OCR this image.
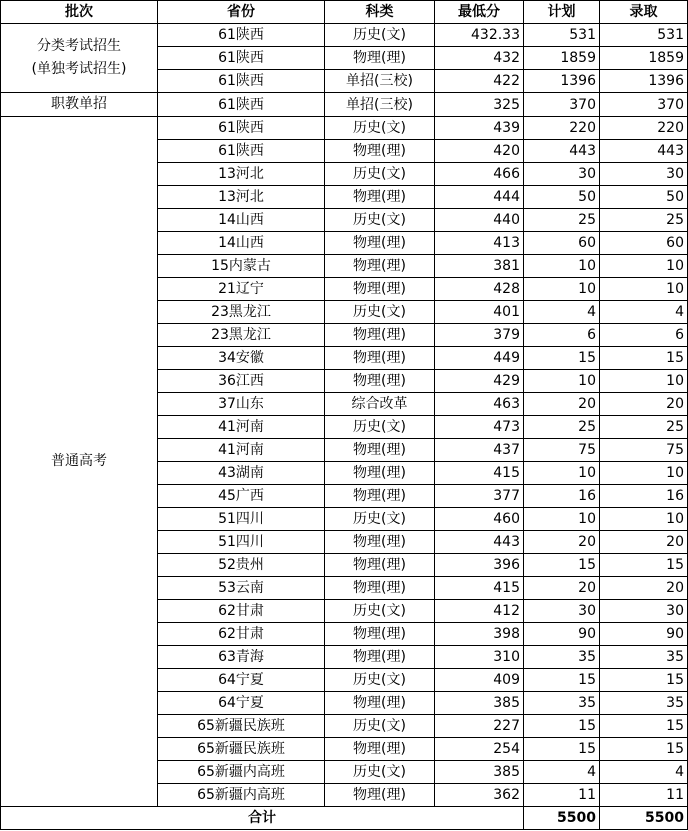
批次	省份	科类	最低分	计划	录取

分类考试招生
(单独考试招生)	61陕西	历史(文)	432.33	531	531
	61陕西	物理(理)	432	1859	1859
	61陕西	单招(三校)	422	1396	1396

职教单招	61陕西	单招(三校)	325	370	370

普通高考	61陕西	历史(文)	439	220	220
	61陕西	物理(理)	420	443	443
	13河北	历史(文)	466	30	30
	13河北	物理(理)	444	50	50
	14山西	历史(文)	440	25	25
	14山西	物理(理)	413	60	60
	15内蒙古	物理(理)	381	10	10
	21辽宁	物理(理)	428	10	10
	23黑龙江	历史(文)	401	4	4
	23黑龙江	物理(理)	379	6	6
	34安徽	物理(理)	449	15	15
	36江西	物理(理)	429	10	10
	37山东	综合改革	463	20	20
	41河南	历史(文)	473	25	25
	41河南	物理(理)	437	75	75
	43湖南	物理(理)	415	10	10
	45广西	物理(理)	377	16	16
	51四川	历史(文)	460	10	10
	51四川	物理(理)	443	20	20
	52贵州	物理(理)	396	15	15
	53云南	物理(理)	415	20	20
	62甘肃	历史(文)	412	30	30
	62甘肃	物理(理)	398	90	90
	63青海	物理(理)	310	35	35
	64宁夏	历史(文)	409	15	15
	64宁夏	物理(理)	385	35	35
	65新疆民族班	历史(文)	227	15	15
	65新疆民族班	物理(理)	254	15	15
	65新疆内高班	历史(文)	385	4	4
	65新疆内高班	物理(理)	362	11	11
合计				5500	5500
